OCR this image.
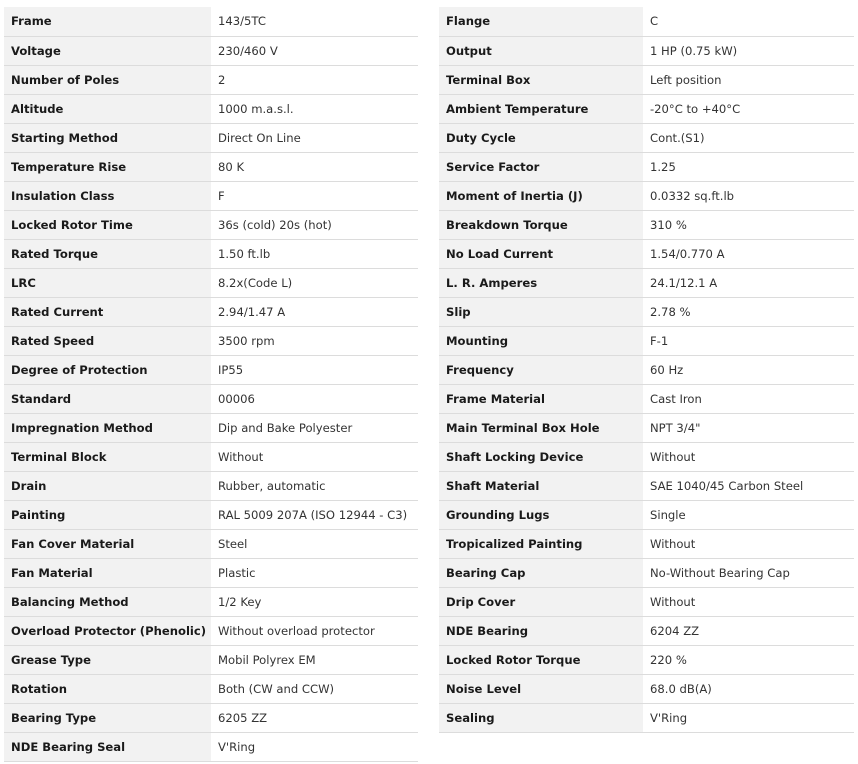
Frame	143/5TC
Voltage	230/460 V
Number of Poles	2
Altitude	1000 m.a.s.l.
Starting Method	Direct On Line
Temperature Rise	80 K
Insulation Class	F
Locked Rotor Time	36s (cold) 20s (hot)
Rated Torque	1.50 ft.lb
LRC	8.2x(Code L)
Rated Current	2.94/1.47 A
Rated Speed	3500 rpm
Degree of Protection	IP55
Standard	00006
Impregnation Method	Dip and Bake Polyester
Terminal Block	Without
Drain	Rubber, automatic
Painting	RAL 5009 207A (ISO 12944 - C3)
Fan Cover Material	Steel
Fan Material	Plastic
Balancing Method	1/2 Key
Overload Protector (Phenolic)	Without overload protector
Grease Type	Mobil Polyrex EM
Rotation	Both (CW and CCW)
Bearing Type	6205 ZZ
NDE Bearing Seal	V'Ring
Flange	C
Output	1 HP (0.75 kW)
Terminal Box	Left position
Ambient Temperature	-20°C to +40°C
Duty Cycle	Cont.(S1)
Service Factor	1.25
Moment of Inertia (J)	0.0332 sq.ft.lb
Breakdown Torque	310 %
No Load Current	1.54/0.770 A
L. R. Amperes	24.1/12.1 A
Slip	2.78 %
Mounting	F-1
Frequency	60 Hz
Frame Material	Cast Iron
Main Terminal Box Hole	NPT 3/4"
Shaft Locking Device	Without
Shaft Material	SAE 1040/45 Carbon Steel
Grounding Lugs	Single
Tropicalized Painting	Without
Bearing Cap	No-Without Bearing Cap
Drip Cover	Without
NDE Bearing	6204 ZZ
Locked Rotor Torque	220 %
Noise Level	68.0 dB(A)
Sealing	V'Ring
